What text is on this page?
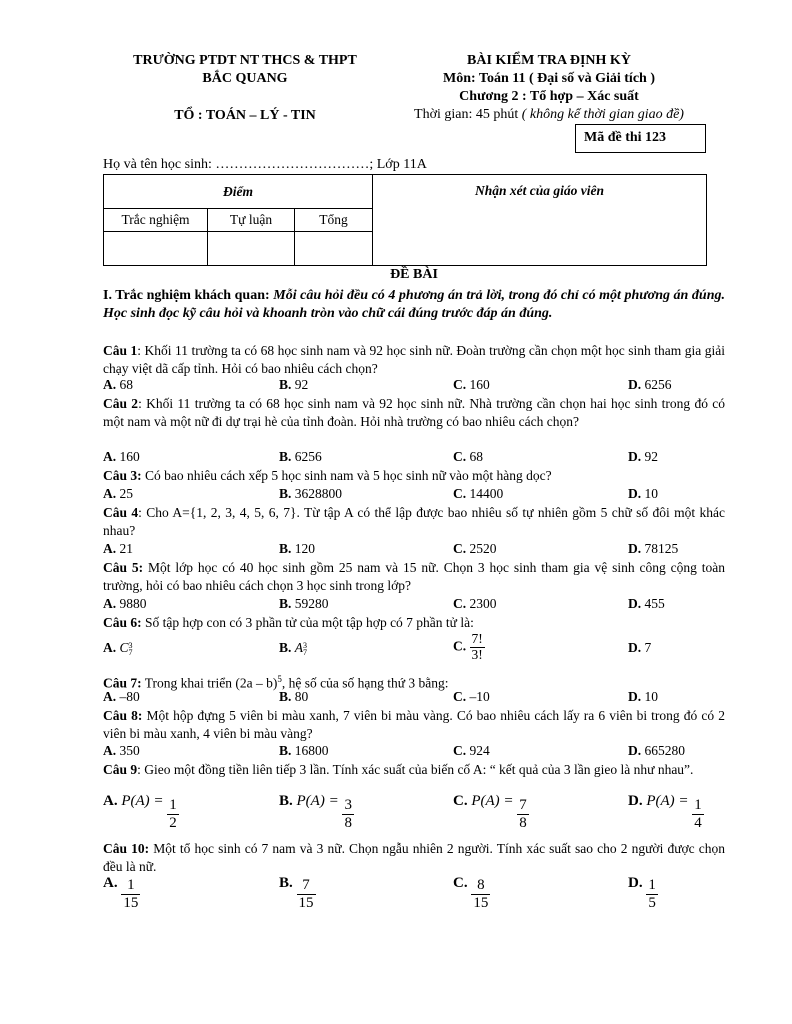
TRƯỜNG PTDT NT THCS & THPT
BẮC QUANG
TỔ : TOÁN – LÝ - TIN
BÀI KIỂM TRA ĐỊNH KỲ
Môn: Toán 11 ( Đại số và Giải tích )
Chương 2 : Tổ hợp – Xác suất
Thời gian: 45 phút ( không kể thời gian giao đề)
Mã đề thi 123
Họ và tên học sinh: ……………………………; Lớp 11A
Điểm			Nhận xét của giáo viên
Trắc nghiệm	Tự luận	Tổng	

ĐỀ BÀI
I. Trắc nghiệm khách quan: Mỗi câu hỏi đều có 4 phương án trả lời, trong đó chỉ có một phương án đúng. Học sinh đọc kỹ câu hỏi và khoanh tròn vào chữ cái đúng trước đáp án đúng.
Câu 1: Khối 11 trường ta có 68 học sinh nam và 92 học sinh nữ. Đoàn trường cần chọn một học sinh tham gia giải chạy việt dã cấp tỉnh. Hỏi có bao nhiêu cách chọn?
A. 68	B. 92	C. 160	D. 6256
Câu 2: Khối 11 trường ta có 68 học sinh nam và 92 học sinh nữ. Nhà trường cần chọn hai học sinh trong đó có một nam và một nữ đi dự trại hè của tỉnh đoàn. Hỏi nhà trường có bao nhiêu cách chọn?
A. 160	B. 6256	C. 68	D. 92
Câu 3: Có bao nhiêu cách xếp 5 học sinh nam và 5 học sinh nữ vào một hàng dọc?
A. 25	B. 3628800	C. 14400	D. 10
Câu 4: Cho A={1, 2, 3, 4, 5, 6, 7}. Từ tập A có thể lập được bao nhiêu số tự nhiên gồm 5 chữ số đôi một khác nhau?
A. 21	B. 120	C. 2520	D. 78125
Câu 5: Một lớp học có 40 học sinh gồm 25 nam và 15 nữ. Chọn 3 học sinh tham gia vệ sinh công cộng toàn trường, hỏi có bao nhiêu cách chọn 3 học sinh trong lớp?
A. 9880	B. 59280	C. 2300	D. 455
Câu 6: Số tập hợp con có 3 phần tử của một tập hợp có 7 phần tử là:
A. C 3
7	B. A 3
7	C. $\frac{7!}{3!}$	D. 7
Câu 7: Trong khai triển (2a – b)$^5$, hệ số của số hạng thứ 3 bằng:
A. –80	B. 80	C. –10	D. 10
Câu 8: Một hộp đựng 5 viên bi màu xanh, 7 viên bi màu vàng. Có bao nhiêu cách lấy ra 6 viên bi trong đó có 2 viên bi màu xanh, 4 viên bi màu vàng?
A. 350	B. 16800	C. 924	D. 665280
Câu 9: Gieo một đồng tiền liên tiếp 3 lần. Tính xác suất của biến cố A: “ kết quả của 3 lần gieo là như nhau”.
A. $P(A) = \frac{1}{2}$	B. $P(A) = \frac{3}{8}$	C. $P(A) = \frac{7}{8}$	D. $P(A) = \frac{1}{4}$
Câu 10: Một tổ học sinh có 7 nam và 3 nữ. Chọn ngẫu nhiên 2 người. Tính xác suất sao cho 2 người được chọn đều là nữ.
A. $\frac{1}{15}$	B. $\frac{7}{15}$	C. $\frac{8}{15}$	D. $\frac{1}{5}$
